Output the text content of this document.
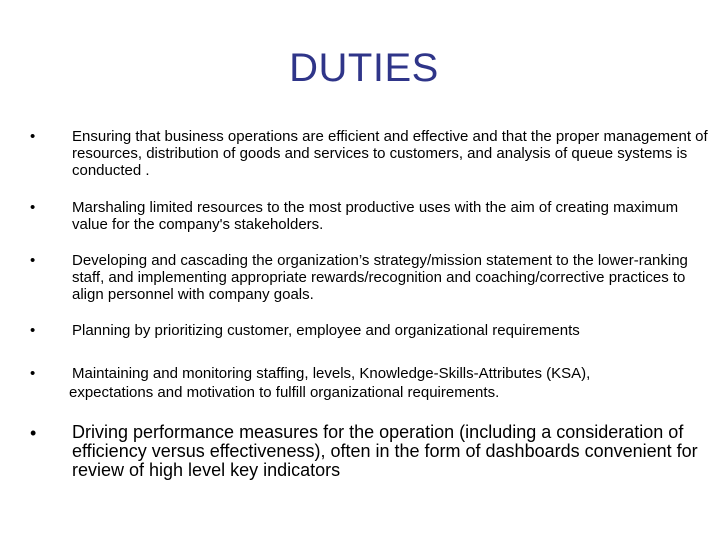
DUTIES
• Ensuring that business operations are efficient and effective and that the proper management of resources, distribution of goods and services to customers, and analysis of queue systems is conducted .
• Marshaling limited resources to the most productive uses with the aim of creating maximum value for the company's stakeholders.
• Developing and cascading the organization’s strategy/mission statement to the lower-ranking staff, and implementing appropriate rewards/recognition and coaching/corrective practices to align personnel with company goals.
• Planning by prioritizing customer, employee and organizational requirements
• Maintaining and monitoring staffing, levels, Knowledge-Skills-Attributes (KSA),
expectations and motivation to fulfill organizational requirements.
• Driving performance measures for the operation (including a consideration of efficiency versus effectiveness), often in the form of dashboards convenient for review of high level key indicators
